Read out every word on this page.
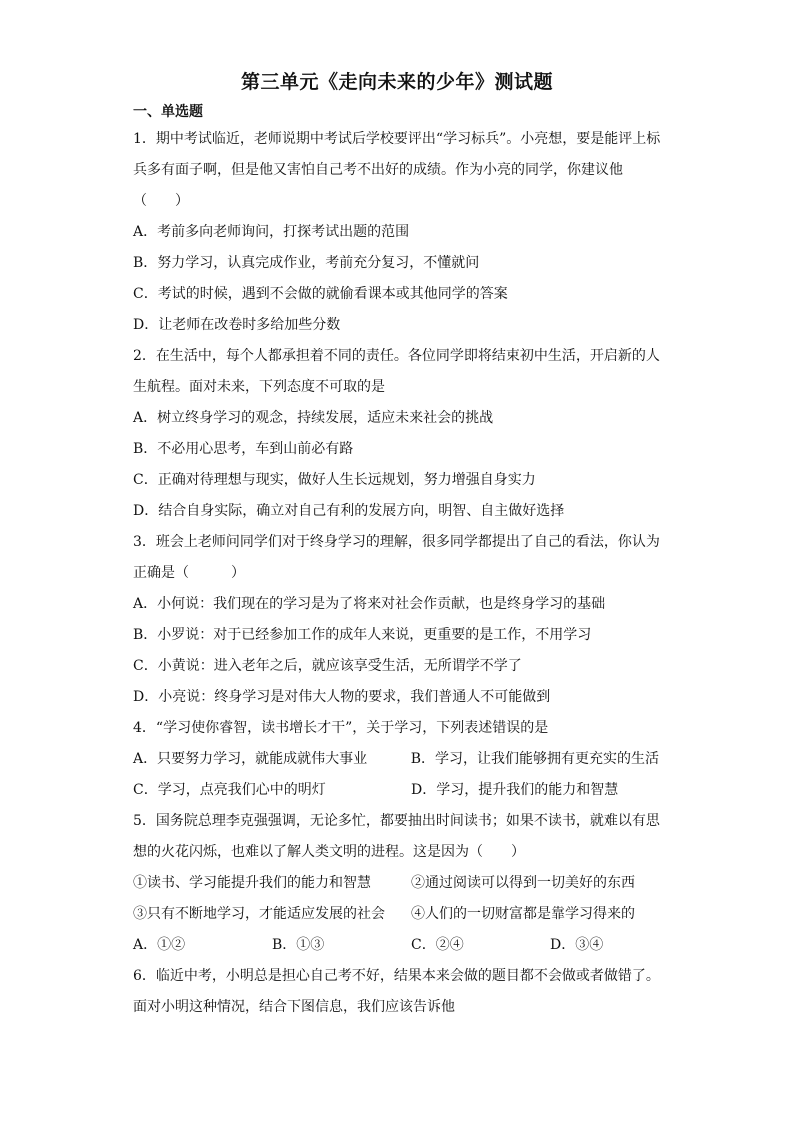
第三单元《走向未来的少年》测试题
一、单选题
1．期中考试临近，老师说期中考试后学校要评出“学习标兵”。小亮想，要是能评上标
兵多有面子啊，但是他又害怕自己考不出好的成绩。作为小亮的同学，你建议他
（　　）
A．考前多向老师询问，打探考试出题的范围
B．努力学习，认真完成作业，考前充分复习，不懂就问
C．考试的时候，遇到不会做的就偷看课本或其他同学的答案
D．让老师在改卷时多给加些分数
2．在生活中，每个人都承担着不同的责任。各位同学即将结束初中生活，开启新的人
生航程。面对未来，下列态度不可取的是
A．树立终身学习的观念，持续发展，适应未来社会的挑战
B．不必用心思考，车到山前必有路
C．正确对待理想与现实，做好人生长远规划，努力增强自身实力
D．结合自身实际，确立对自己有利的发展方向，明智、自主做好选择
3．班会上老师问同学们对于终身学习的理解，很多同学都提出了自己的看法，你认为
正确是（　　　）
A．小何说：我们现在的学习是为了将来对社会作贡献，也是终身学习的基础
B．小罗说：对于已经参加工作的成年人来说，更重要的是工作，不用学习
C．小黄说：进入老年之后，就应该享受生活，无所谓学不学了
D．小亮说：终身学习是对伟大人物的要求，我们普通人不可能做到
4．“学习使你睿智，读书增长才干”，关于学习，下列表述错误的是
A．只要努力学习，就能成就伟大事业	B．学习，让我们能够拥有更充实的生活
C．学习，点亮我们心中的明灯	D．学习，提升我们的能力和智慧
5．国务院总理李克强强调，无论多忙，都要抽出时间读书；如果不读书，就难以有思
想的火花闪烁，也难以了解人类文明的进程。这是因为（　　）
①读书、学习能提升我们的能力和智慧	②通过阅读可以得到一切美好的东西
③只有不断地学习，才能适应发展的社会	④人们的一切财富都是靠学习得来的
A．①②	B．①③	C．②④	D．③④
6．临近中考，小明总是担心自己考不好，结果本来会做的题目都不会做或者做错了。
面对小明这种情况，结合下图信息，我们应该告诉他
